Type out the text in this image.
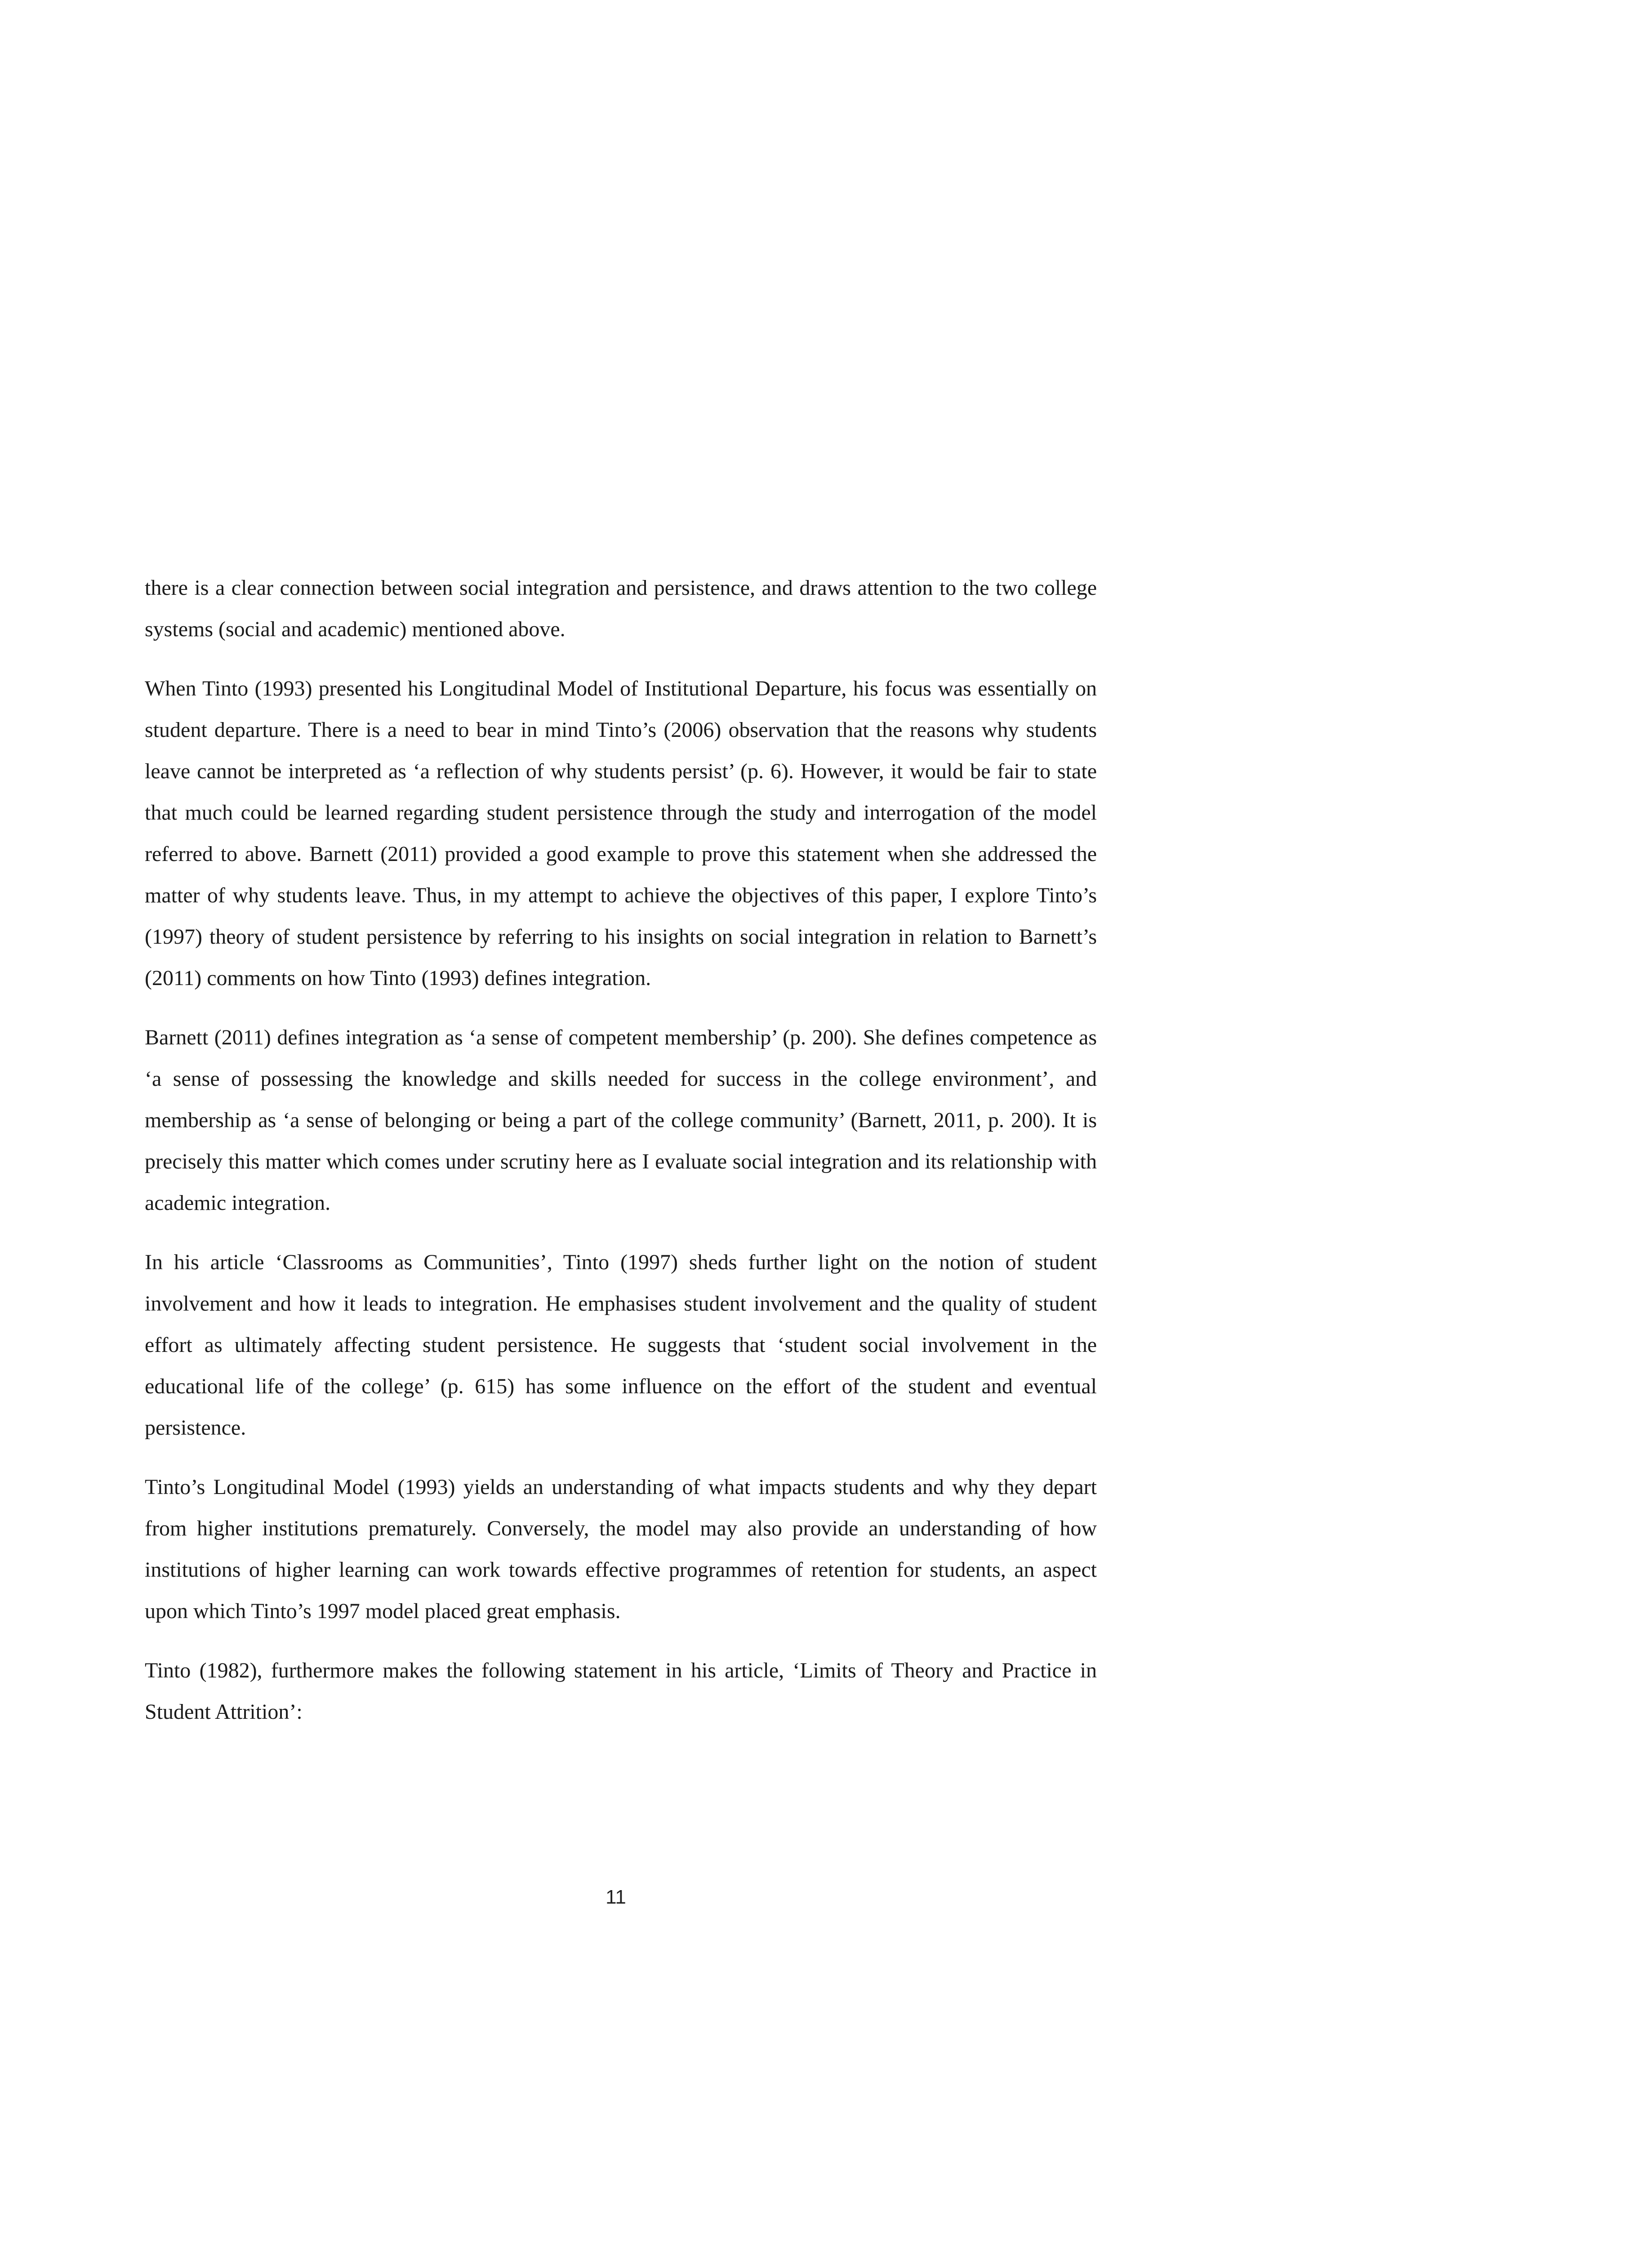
there is a clear connection between social integration and persistence, and draws attention to the two college systems (social and academic) mentioned above.

When Tinto (1993) presented his Longitudinal Model of Institutional Departure, his focus was essentially on student departure. There is a need to bear in mind Tinto’s (2006) observation that the reasons why students leave cannot be interpreted as ‘a reflection of why students persist’ (p. 6). However, it would be fair to state that much could be learned regarding student persistence through the study and interrogation of the model referred to above. Barnett (2011) provided a good example to prove this statement when she addressed the matter of why students leave. Thus, in my attempt to achieve the objectives of this paper, I explore Tinto’s (1997) theory of student persistence by referring to his insights on social integration in relation to Barnett’s (2011) comments on how Tinto (1993) defines integration.

Barnett (2011) defines integration as ‘a sense of competent membership’ (p. 200). She defines competence as ‘a sense of possessing the knowledge and skills needed for success in the college environment’, and membership as ‘a sense of belonging or being a part of the college community’ (Barnett, 2011, p. 200). It is precisely this matter which comes under scrutiny here as I evaluate social integration and its relationship with academic integration.

In his article ‘Classrooms as Communities’, Tinto (1997) sheds further light on the notion of student involvement and how it leads to integration. He emphasises student involvement and the quality of student effort as ultimately affecting student persistence. He suggests that ‘student social involvement in the educational life of the college’ (p. 615) has some influence on the effort of the student and eventual persistence.

Tinto’s Longitudinal Model (1993) yields an understanding of what impacts students and why they depart from higher institutions prematurely. Conversely, the model may also provide an understanding of how institutions of higher learning can work towards effective programmes of retention for students, an aspect upon which Tinto’s 1997 model placed great emphasis.

Tinto (1982), furthermore makes the following statement in his article, ‘Limits of Theory and Practice in Student Attrition’:

11
